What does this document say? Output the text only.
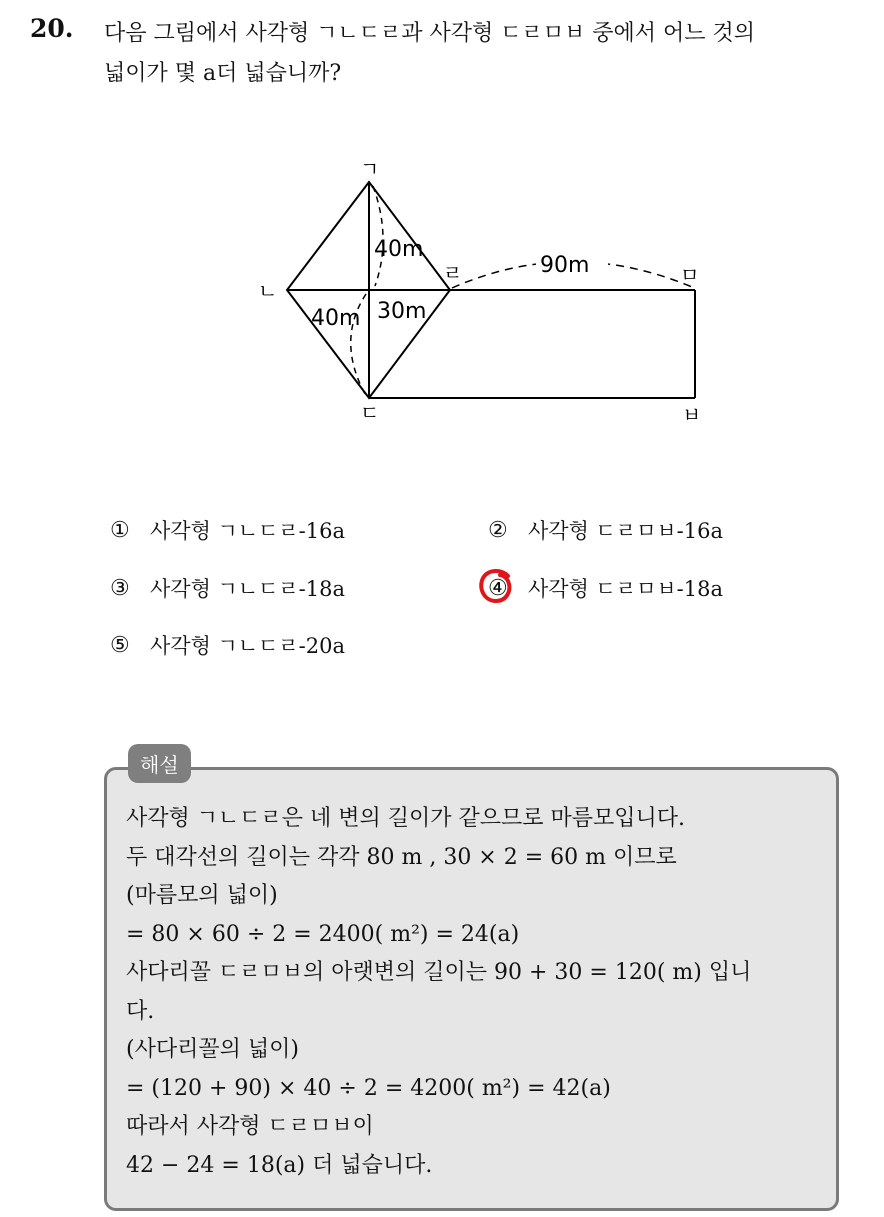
20. 다음 그림에서 사각형 ㄱㄴㄷㄹ과 사각형 ㄷㄹㅁㅂ 중에서 어느 것의
넓이가 몇 a더 넓습니까?
ㄱ
ㄴ
ㄷ
ㄹ	ㅁ
ㅂ
40m
40m 30m
90m
① 사각형 ㄱㄴㄷㄹ-16a	② 사각형 ㄷㄹㅁㅂ-16a
③ 사각형 ㄱㄴㄷㄹ-18a	④ 사각형 ㄷㄹㅁㅂ-18a
⑤ 사각형 ㄱㄴㄷㄹ-20a
해설
사각형 ㄱㄴㄷㄹ은 네 변의 길이가 같으므로 마름모입니다.
두 대각선의 길이는 각각 80 m , 30 × 2 = 60 m 이므로
(마름모의 넓이)
= 80 × 60 ÷ 2 = 2400( m²) = 24(a)
사다리꼴 ㄷㄹㅁㅂ의 아랫변의 길이는 90 + 30 = 120( m) 입니
다.
(사다리꼴의 넓이)
= (120 + 90) × 40 ÷ 2 = 4200( m²) = 42(a)
따라서 사각형 ㄷㄹㅁㅂ이
42 − 24 = 18(a) 더 넓습니다.
